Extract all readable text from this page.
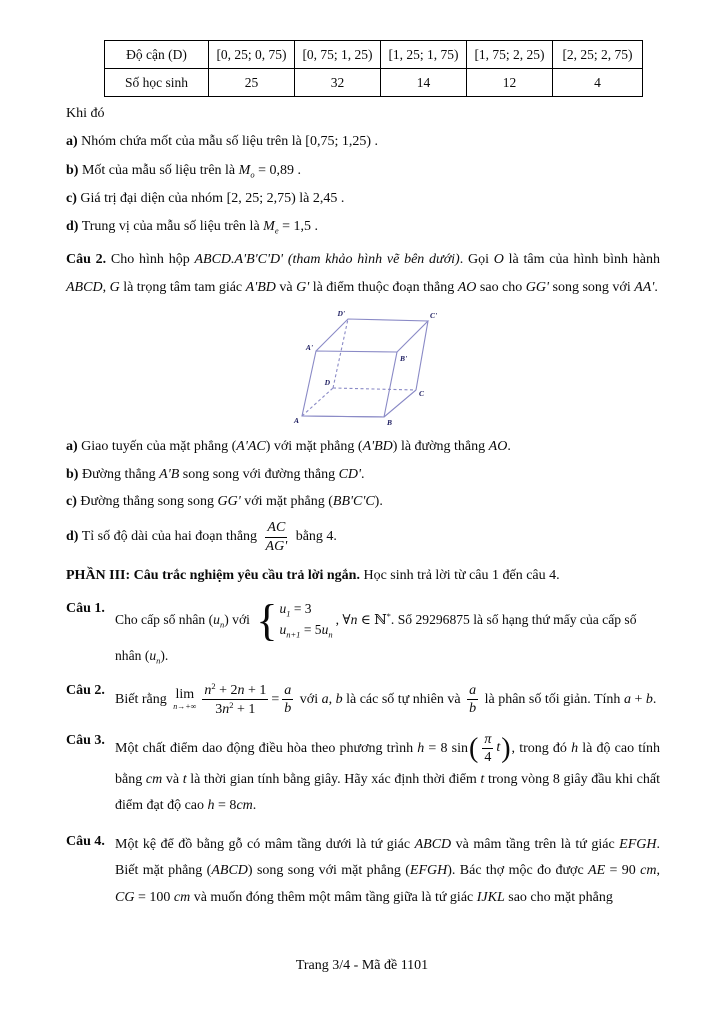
Độ cận (D)	[0, 25; 0, 75)	[0, 75; 1, 25)	[1, 25; 1, 75)	[1, 75; 2, 25)	[2, 25; 2, 75)
Số học sinh	25	32	14	12	4
Khi đó
a) Nhóm chứa mốt của mẫu số liệu trên là [0,75; 1,25) .
b) Mốt của mẫu số liệu trên là $M_o = 0,89$ .
c) Giá trị đại diện của nhóm [2, 25; 2,75) là 2,45 .
d) Trung vị của mẫu số liệu trên là $M_e = 1,5$ .
Câu 2. Cho hình hộp ABCD.A'B'C'D' (tham khảo hình vẽ bên dưới). Gọi O là tâm của hình bình hành ABCD, G là trọng tâm tam giác A'BD và G' là điểm thuộc đoạn thẳng AO sao cho GG' song song với AA'.
A	B
C
D
A'
B'
C'
D'
a) Giao tuyến của mặt phẳng (A'AC) với mặt phẳng (A'BD) là đường thẳng AO.
b) Đường thẳng A'B song song với đường thẳng CD'.
c) Đường thẳng song song GG' với mặt phẳng (BB'C'C).
d) Tỉ số độ dài của hai đoạn thẳng $\frac{AC}{AG'}$ bằng 4.
PHẦN III: Câu trắc nghiệm yêu cầu trả lời ngắn. Học sinh trả lời từ câu 1 đến câu 4.
Câu 1.
Cho cấp số nhân $(u_n)$ với { $u_1 = 3$
$u_{n+1} = 5u_n$
, ∀n ∈ ℕ*. Số 29296875 là số hạng thứ mấy của cấp số
nhân $(u_n)$.
Câu 2.
Biết rằng lim
$n\to+\infty \frac{n^2 + 2n + 1}{3n^2 + 1} = \frac{a}{b}$ với a, b là các số tự nhiên và $\frac{a}{b}$ là phân số tối giản. Tính a + b.
Câu 3.
Một chất điểm dao động điều hòa theo phương trình h = 8 sin ( $\frac{\pi}{4}$ t ) , trong đó h là độ cao tính bằng cm và t là thời gian tính bằng giây. Hãy xác định thời điểm t trong vòng 8 giây đầu khi chất điểm đạt độ cao h = 8cm.
Câu 4. Một kệ để đồ bằng gỗ có mâm tầng dưới là tứ giác ABCD và mâm tầng trên là tứ giác EFGH. Biết mặt phẳng (ABCD) song song với mặt phẳng (EFGH). Bác thợ mộc đo được AE = 90 cm, CG = 100 cm và muốn đóng thêm một mâm tầng giữa là tứ giác IJKL sao cho mặt phẳng
Trang 3/4 - Mã đề 1101
